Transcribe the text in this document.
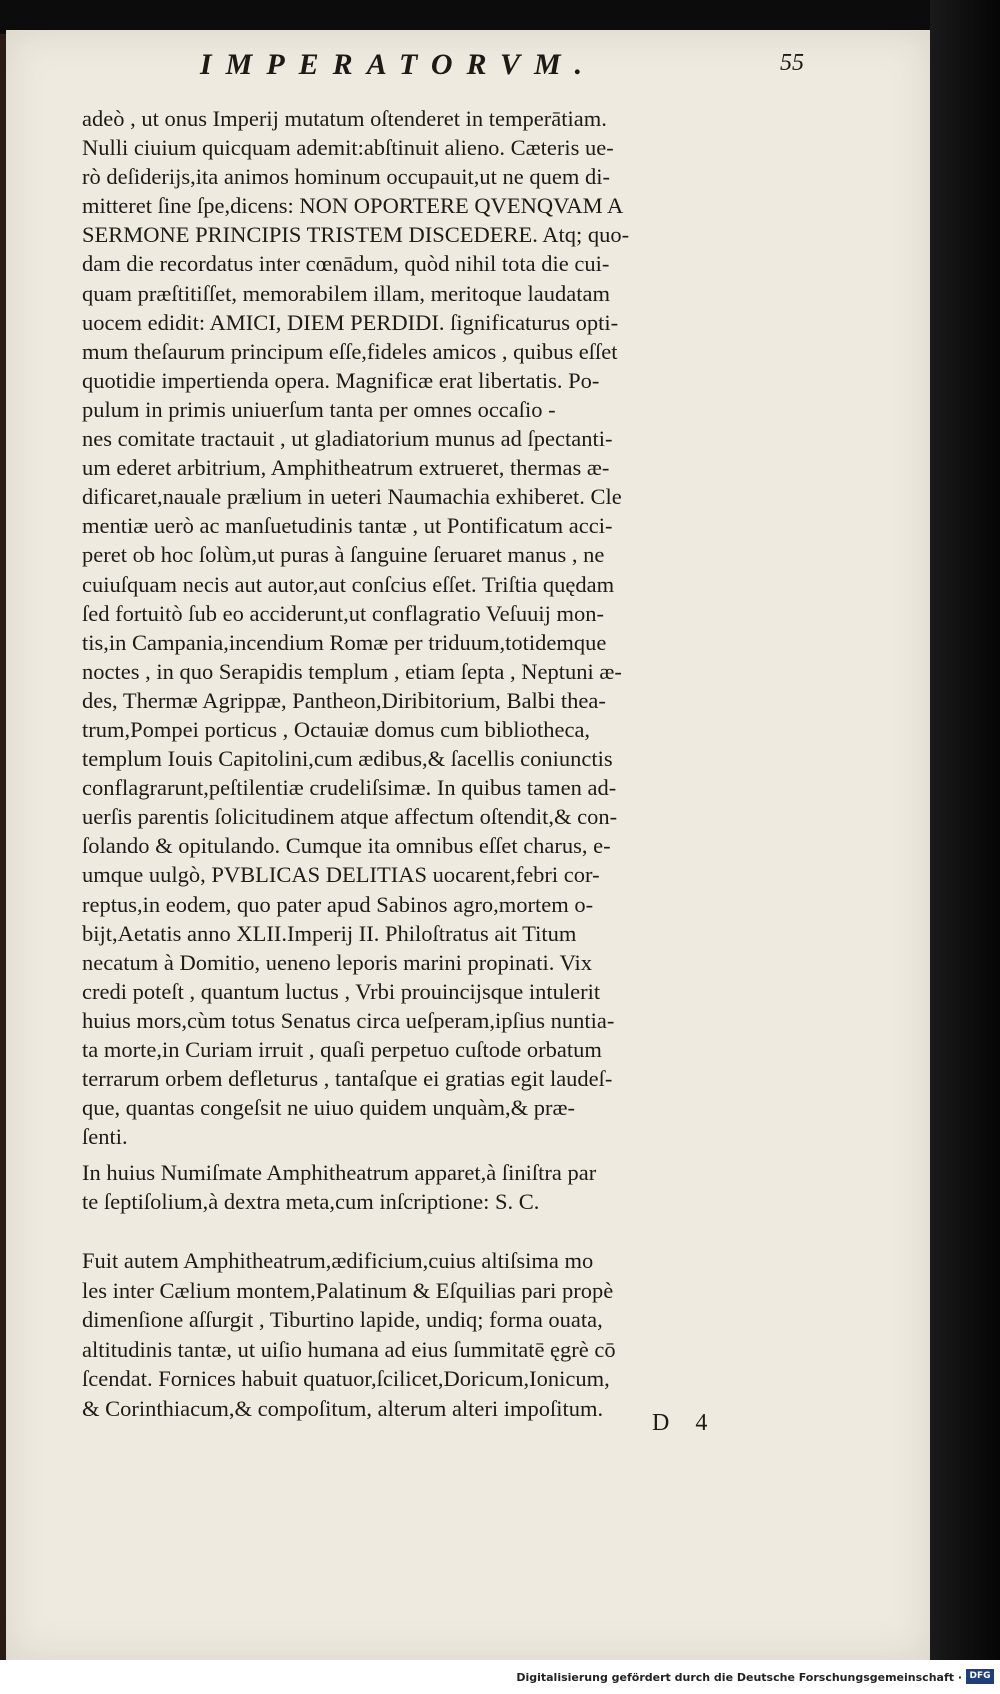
IMPERATORVM.	55
adeò , ut onus Imperij mutatum oſtenderet in temperātiam.
Nulli ciuium quicquam ademit:abſtinuit alieno. Cæteris ue-
rò deſiderijs,ita animos hominum occupauit,ut ne quem di-
mitteret ſine ſpe,dicens: NON OPORTERE QVENQVAM A
SERMONE PRINCIPIS TRISTEM DISCEDERE. Atq; quo-
dam die recordatus inter cœnādum, quòd nihil tota die cui-
quam præſtitiſſet, memorabilem illam, meritoque laudatam
uocem edidit: AMICI, DIEM PERDIDI. ſignificaturus opti-
mum theſaurum principum eſſe,fideles amicos , quibus eſſet
quotidie impertienda opera. Magnificæ erat libertatis. Po-
pulum in primis uniuerſum tanta per omnes occaſio -
nes comitate tractauit , ut gladiatorium munus ad ſpectanti-
um ederet arbitrium, Amphitheatrum extrueret, thermas æ-
dificaret,nauale prælium in ueteri Naumachia exhiberet. Cle
mentiæ uerò ac manſuetudinis tantæ , ut Pontificatum acci-
peret ob hoc ſolùm,ut puras à ſanguine ſeruaret manus , ne
cuiuſquam necis aut autor,aut conſcius eſſet. Triſtia quędam
ſed fortuitò ſub eo acciderunt,ut conflagratio Veſuuij mon-
tis,in Campania,incendium Romæ per triduum,totidemque
noctes , in quo Serapidis templum , etiam ſepta , Neptuni æ-
des, Thermæ Agrippæ, Pantheon,Diribitorium, Balbi thea-
trum,Pompei porticus , Octauiæ domus cum bibliotheca,
templum Iouis Capitolini,cum ædibus,& ſacellis coniunctis
conflagrarunt,peſtilentiæ crudeliſsimæ. In quibus tamen ad-
uerſis parentis ſolicitudinem atque affectum oſtendit,& con-
ſolando & opitulando. Cumque ita omnibus eſſet charus, e-
umque uulgò, PVBLICAS DELITIAS uocarent,febri cor-
reptus,in eodem, quo pater apud Sabinos agro,mortem o-
bijt,Aetatis anno XLII.Imperij II. Philoſtratus ait Titum
necatum à Domitio, ueneno leporis marini propinati. Vix
credi poteſt , quantum luctus , Vrbi prouincijsque intulerit
huius mors,cùm totus Senatus circa ueſperam,ipſius nuntia-
ta morte,in Curiam irruit , quaſi perpetuo cuſtode orbatum
terrarum orbem defleturus , tantaſque ei gratias egit laudeſ-
que, quantas congeſsit ne uiuo quidem unquàm,& præ-
ſenti.
In huius Numiſmate Amphitheatrum apparet,à ſiniſtra par
te ſeptiſolium,à dextra meta,cum inſcriptione: S. C.
Fuit autem Amphitheatrum,ædificium,cuius altiſsima mo
les inter Cælium montem,Palatinum & Eſquilias pari propè
dimenſione aſſurgit , Tiburtino lapide, undiq; forma ouata,
altitudinis tantæ, ut uiſio humana ad eius ſummitatē ęgrè cō
ſcendat. Fornices habuit quatuor,ſcilicet,Doricum,Ionicum,
& Corinthiacum,& compoſitum, alterum alteri impoſitum.
D 4
Digitalisierung gefördert durch die Deutsche Forschungsgemeinschaft · DFG
